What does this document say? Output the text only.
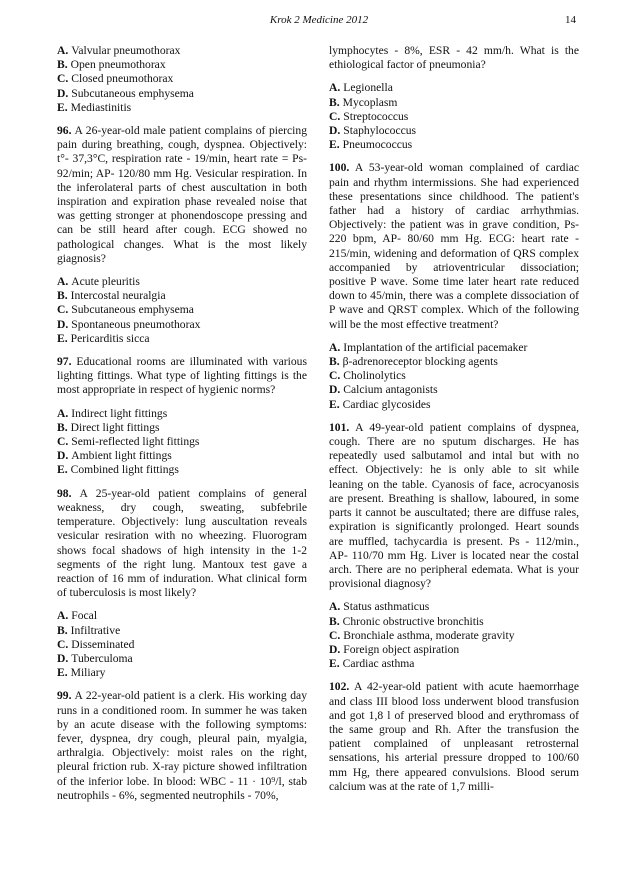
Krok 2 Medicine 2012	14
A. Valvular pneumothorax
B. Open pneumothorax
C. Closed pneumothorax
D. Subcutaneous emphysema
E. Mediastinitis

96. A 26-year-old male patient complains of piercing pain during breathing, cough, dyspnea. Objectively: t°- 37,3°C, respiration rate - 19/min, heart rate = Ps-92/min; AP- 120/80 mm Hg. Vesicular respiration. In the inferolateral parts of chest auscultation in both inspiration and expiration phase revealed noise that was getting stronger at phonendoscope pressing and can be still heard after cough. ECG showed no pathological changes. What is the most likely giagnosis?

A. Acute pleuritis
B. Intercostal neuralgia
C. Subcutaneous emphysema
D. Spontaneous pneumothorax
E. Pericarditis sicca

97. Educational rooms are illuminated with various lighting fittings. What type of lighting fittings is the most appropriate in respect of hygienic norms?

A. Indirect light fittings
B. Direct light fittings
C. Semi-reflected light fittings
D. Ambient light fittings
E. Combined light fittings

98. A 25-year-old patient complains of general weakness, dry cough, sweating, subfebrile temperature. Objectively: lung auscultation reveals vesicular resiration with no wheezing. Fluorogram shows focal shadows of high intensity in the 1-2 segments of the right lung. Mantoux test gave a reaction of 16 mm of induration. What clinical form of tuberculosis is most likely?

A. Focal
B. Infiltrative
C. Disseminated
D. Tuberculoma
E. Miliary

99. A 22-year-old patient is a clerk. His working day runs in a conditioned room. In summer he was taken by an acute disease with the following symptoms: fever, dyspnea, dry cough, pleural pain, myalgia, arthralgia. Objectively: moist rales on the right, pleural friction rub. X-ray picture showed infiltration of the inferior lobe. In blood: WBC - 11 · 10⁹/l, stab neutrophils - 6%, segmented neutrophils - 70%,

lymphocytes - 8%, ESR - 42 mm/h. What is the ethiological factor of pneumonia?

A. Legionella
B. Mycoplasm
C. Streptococcus
D. Staphylococcus
E. Pneumococcus

100. A 53-year-old woman complained of cardiac pain and rhythm intermissions. She had experienced these presentations since childhood. The patient's father had a history of cardiac arrhythmias. Objectively: the patient was in grave condition, Ps- 220 bpm, AP- 80/60 mm Hg. ECG: heart rate - 215/min, widening and deformation of QRS complex accompanied by atrioventricular dissociation; positive P wave. Some time later heart rate reduced down to 45/min, there was a complete dissociation of P wave and QRST complex. Which of the following will be the most effective treatment?

A. Implantation of the artificial pacemaker
B. β-adrenoreceptor blocking agents
C. Cholinolytics
D. Calcium antagonists
E. Cardiac glycosides

101. A 49-year-old patient complains of dyspnea, cough. There are no sputum discharges. He has repeatedly used salbutamol and intal but with no effect. Objectively: he is only able to sit while leaning on the table. Cyanosis of face, acrocyanosis are present. Breathing is shallow, laboured, in some parts it cannot be auscultated; there are diffuse rales, expiration is significantly prolonged. Heart sounds are muffled, tachycardia is present. Ps - 112/min., AP- 110/70 mm Hg. Liver is located near the costal arch. There are no peripheral edemata. What is your provisional diagnosy?

A. Status asthmaticus
B. Chronic obstructive bronchitis
C. Bronchiale asthma, moderate gravity
D. Foreign object aspiration
E. Cardiac asthma

102. A 42-year-old patient with acute haemorrhage and class III blood loss underwent blood transfusion and got 1,8 l of preserved blood and erythromass of the same group and Rh. After the transfusion the patient complained of unpleasant retrosternal sensations, his arterial pressure dropped to 100/60 mm Hg, there appeared convulsions. Blood serum calcium was at the rate of 1,7 milli-
